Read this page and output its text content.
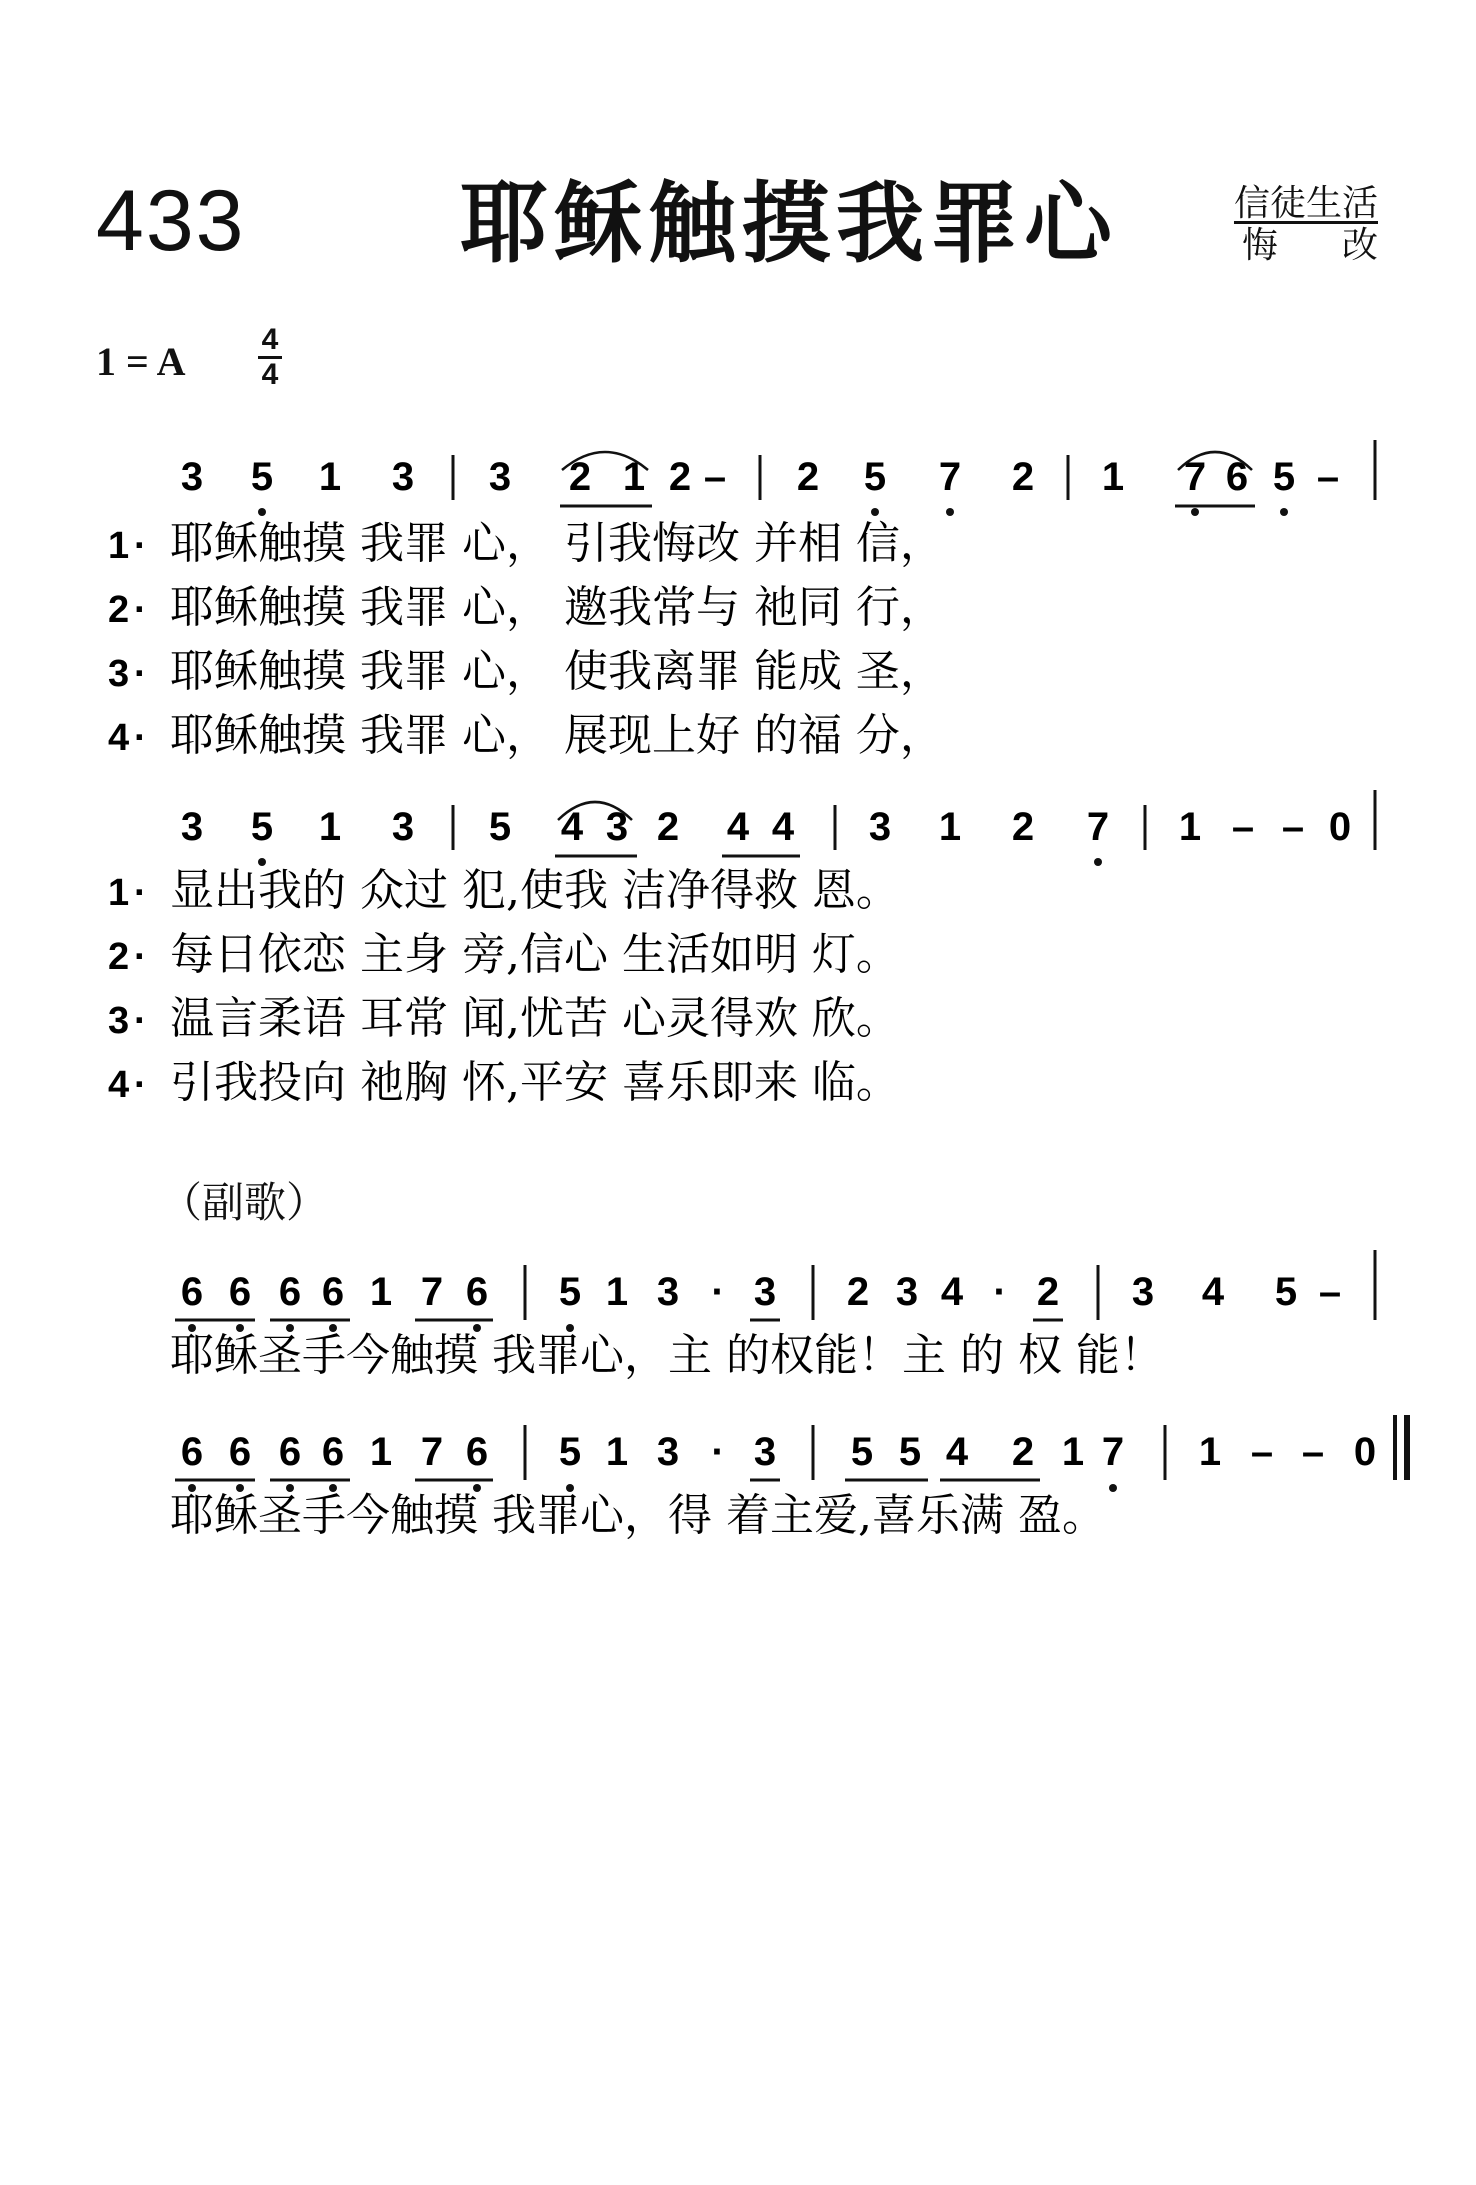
433 耶稣触摸我罪心	信徒生活
悔改
1 = A	4
4
3 5 1 3 3 2 1 2 – 2 5 7 2 1 7 6 5 –
1 · 耶稣触摸 我罪 心， 引我悔改 并相 信，
2 · 耶稣触摸 我罪 心， 邀我常与 祂同 行，
3 · 耶稣触摸 我罪 心， 使我离罪 能成 圣，
4 · 耶稣触摸 我罪 心， 展现上好 的福 分，
3 5 1 3 5 4 3 2 4 4 3 1 2 7 1 – – 0
1 · 显出我的 众过 犯,使我 洁净得救 恩。
2 · 每日依恋 主身 旁,信心 生活如明 灯。
3 · 温言柔语 耳常 闻,忧苦 心灵得欢 欣。
4 · 引我投向 祂胸 怀,平安 喜乐即来 临。
6 6 6 6 1 7 6 5 1 3 · 3 2 3 4 · 2 3 4 5 –
耶稣圣手今触摸 我罪心，主 的权能！主 的 权 能！
6 6 6 6 1 7 6 5 1 3 · 3 5 5 4 2 1 7 1 – – 0
耶稣圣手今触摸 我罪心，得 着主爱,喜乐满 盈。
（副歌）
